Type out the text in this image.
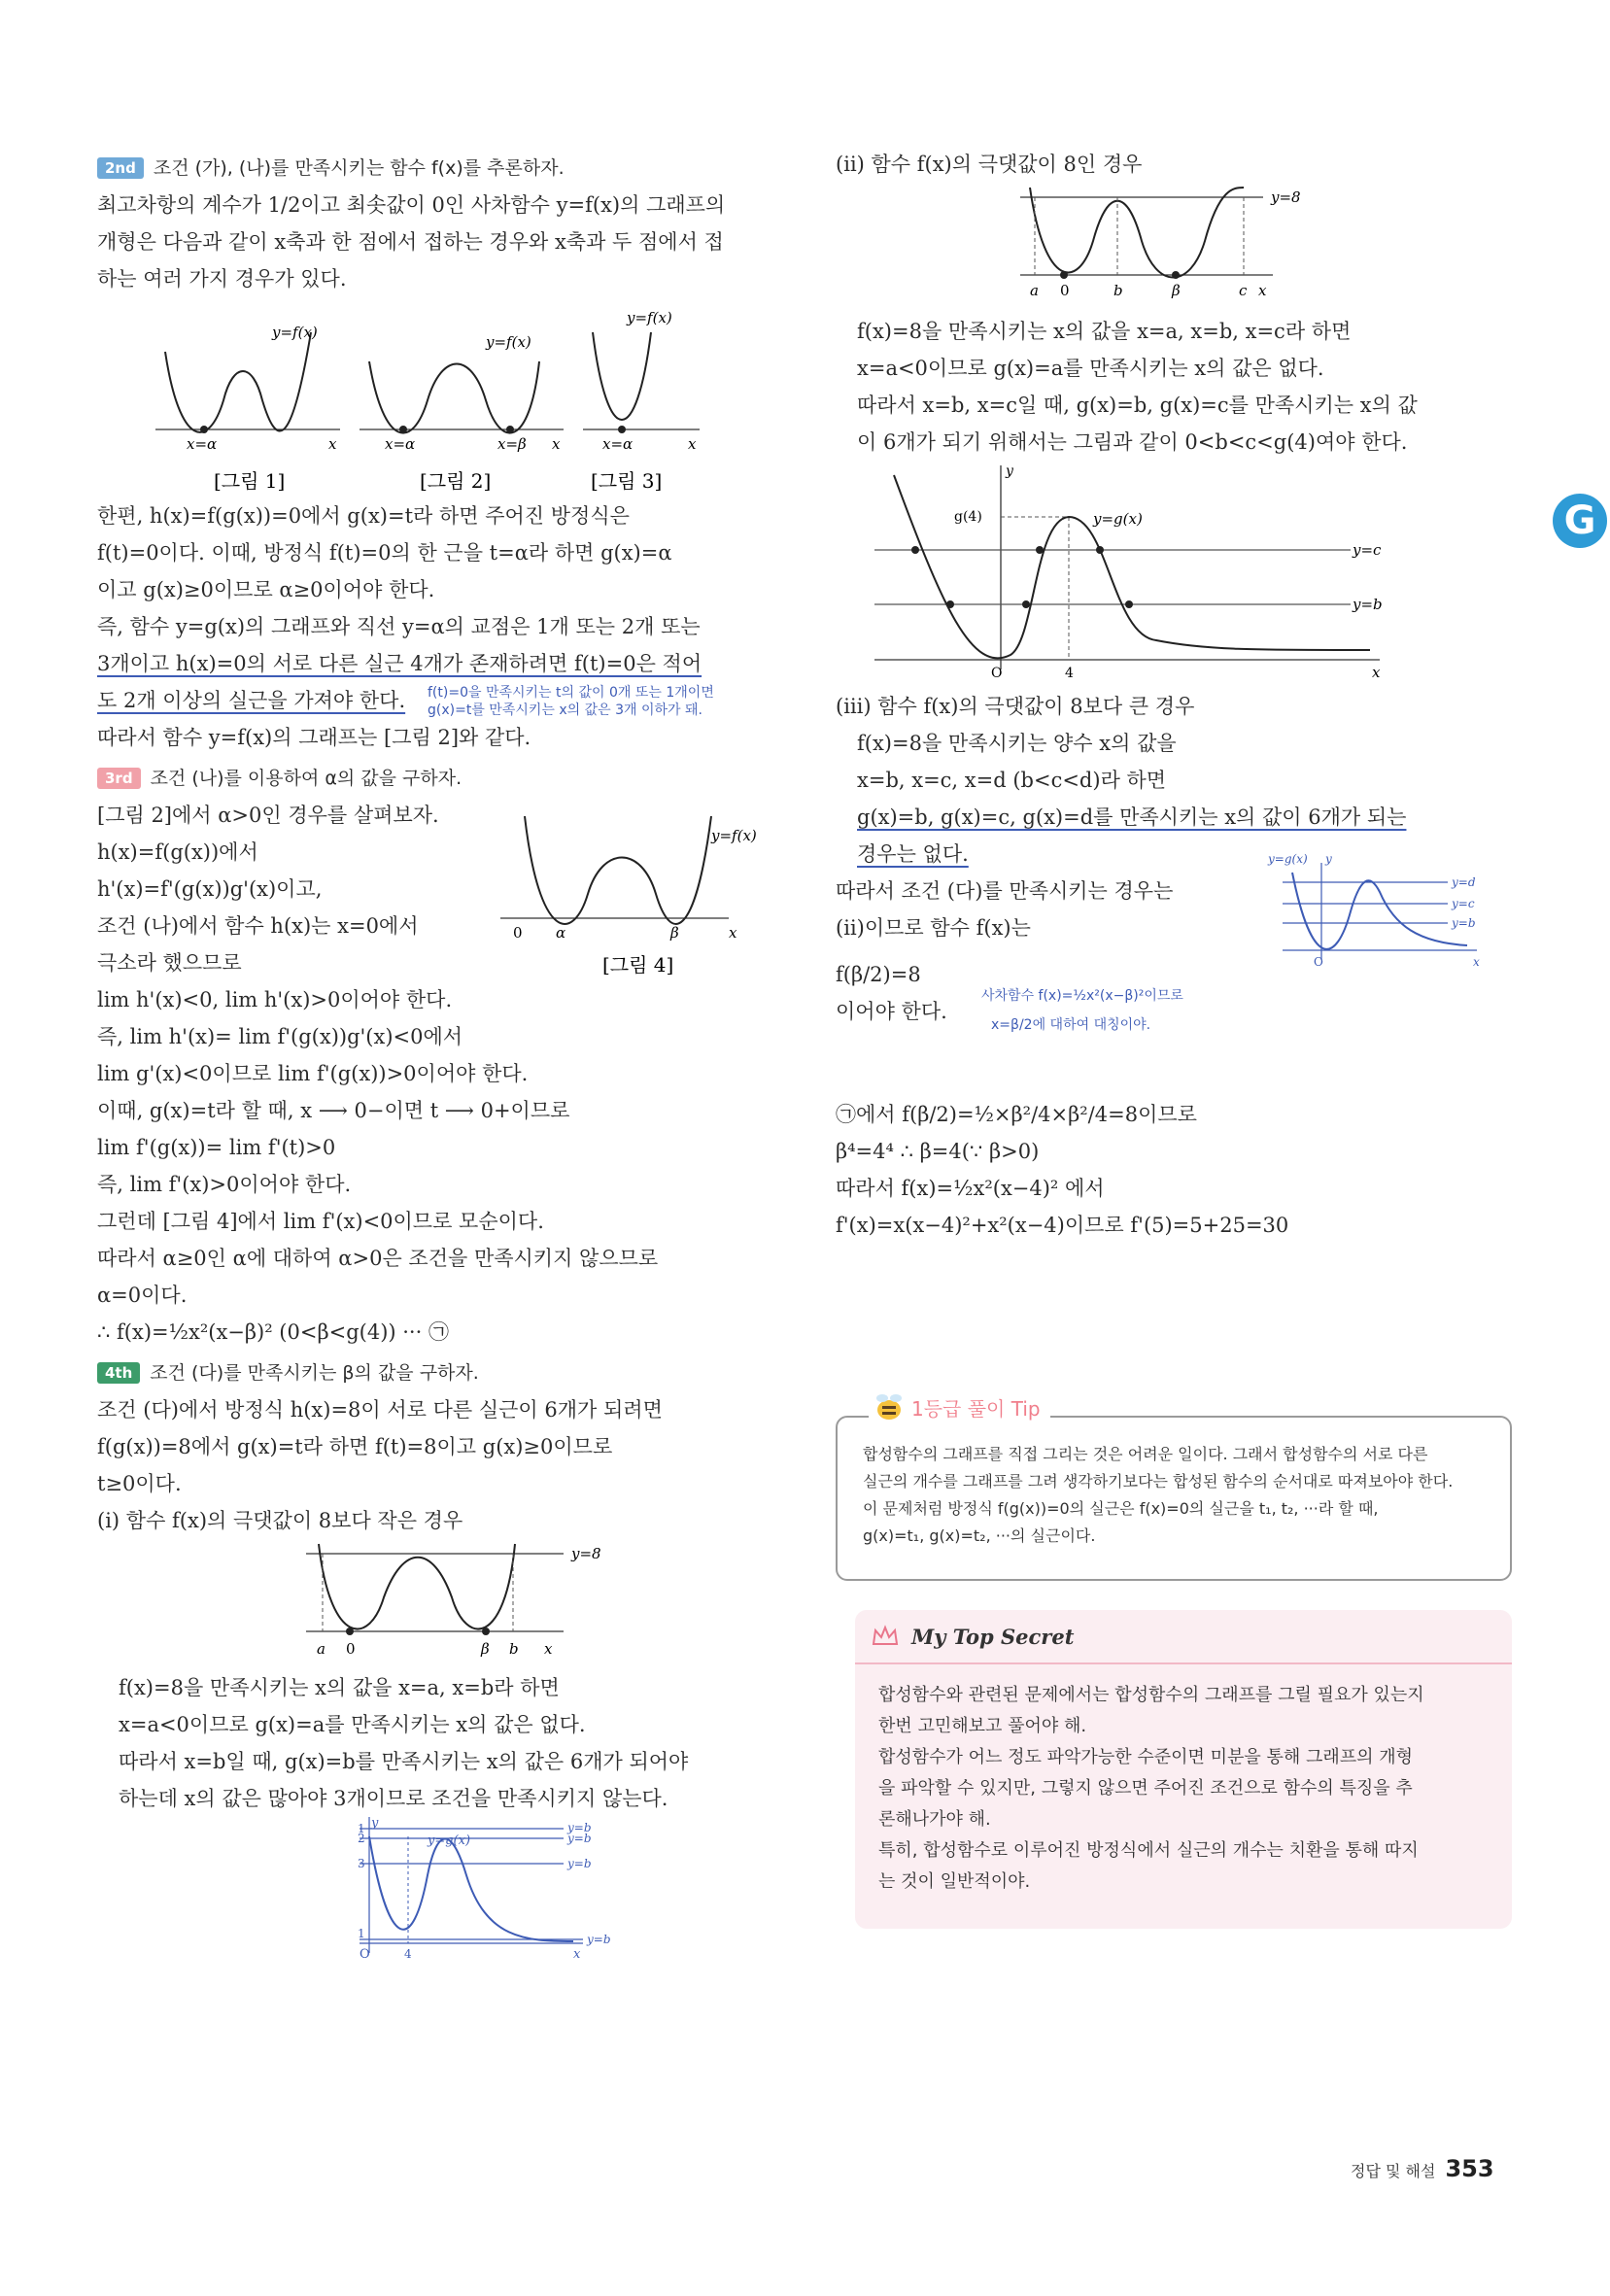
2nd 조건 (가), (나)를 만족시키는 함수 f(x)를 추론하자.
최고차항의 계수가 1/2이고 최솟값이 0인 사차함수 y=f(x)의 그래프의
개형은 다음과 같이 x축과 한 점에서 접하는 경우와 x축과 두 점에서 접
하는 여러 가지 경우가 있다.
y=f(x)
x
x=α
[그림 1]
y=f(x)
x
x=α	x=β
[그림 2]
y=f(x)
x
x=α
[그림 3]
한편, h(x)=f(g(x))=0에서 g(x)=t라 하면 주어진 방정식은
f(t)=0이다. 이때, 방정식 f(t)=0의 한 근을 t=α라 하면 g(x)=α
이고 g(x)≥0이므로 α≥0이어야 한다.
즉, 함수 y=g(x)의 그래프와 직선 y=α의 교점은 1개 또는 2개 또는
3개이고 h(x)=0의 서로 다른 실근 4개가 존재하려면 f(t)=0은 적어
도 2개 이상의 실근을 가져야 한다. f(t)=0을 만족시키는 t의 값이 0개 또는 1개이면
g(x)=t를 만족시키는 x의 값은 3개 이하가 돼.
따라서 함수 y=f(x)의 그래프는 [그림 2]와 같다.
3rd 조건 (나)를 이용하여 α의 값을 구하자.
[그림 2]에서 α>0인 경우를 살펴보자.
h(x)=f(g(x))에서
h'(x)=f'(g(x))g'(x)이고,
조건 (나)에서 함수 h(x)는 x=0에서
극소라 했으므로
y=f(x)
0 α	β	x
[그림 4]
lim h'(x)<0, lim h'(x)>0이어야 한다.
즉, lim h'(x)= lim f'(g(x))g'(x)<0에서
lim g'(x)<0이므로 lim f'(g(x))>0이어야 한다.
이때, g(x)=t라 할 때, x ⟶ 0−이면 t ⟶ 0+이므로
lim f'(g(x))= lim f'(t)>0
즉, lim f'(x)>0이어야 한다.
그런데 [그림 4]에서 lim f'(x)<0이므로 모순이다.
따라서 α≥0인 α에 대하여 α>0은 조건을 만족시키지 않으므로
α=0이다.
∴ f(x)=½x²(x−β)² (0<β<g(4)) ··· ㉠
4th 조건 (다)를 만족시키는 β의 값을 구하자.
조건 (다)에서 방정식 h(x)=8이 서로 다른 실근이 6개가 되려면
f(g(x))=8에서 g(x)=t라 하면 f(t)=8이고 g(x)≥0이므로
t≥0이다.
(ⅰ) 함수 f(x)의 극댓값이 8보다 작은 경우
y=8
a 0	β b x
f(x)=8을 만족시키는 x의 값을 x=a, x=b라 하면
x=a<0이므로 g(x)=a를 만족시키는 x의 값은 없다.
따라서 x=b일 때, g(x)=b를 만족시키는 x의 값은 6개가 되어야
하는데 x의 값은 많아야 3개이므로 조건을 만족시키지 않는다.
y
y=g(x)
1
2
3
1
y=b
y=b
y=b
y=b
O	4	x
(ⅱ) 함수 f(x)의 극댓값이 8인 경우
y=8
a 0	b	β	c x
f(x)=8을 만족시키는 x의 값을 x=a, x=b, x=c라 하면
x=a<0이므로 g(x)=a를 만족시키는 x의 값은 없다.
따라서 x=b, x=c일 때, g(x)=b, g(x)=c를 만족시키는 x의 값
이 6개가 되기 위해서는 그림과 같이 0<b<c<g(4)여야 한다.
y
g(4)	y=g(x)
y=c
y=b
O	4	x
(ⅲ) 함수 f(x)의 극댓값이 8보다 큰 경우
f(x)=8을 만족시키는 양수 x의 값을
x=b, x=c, x=d (b<c<d)라 하면
g(x)=b, g(x)=c, g(x)=d를 만족시키는 x의 값이 6개가 되는
경우는 없다.
따라서 조건 (다)를 만족시키는 경우는
(ⅱ)이므로 함수 f(x)는
f(β/2)=8
이어야 한다.
사차함수 f(x)=½x²(x−β)²이므로
x=β/2에 대하여 대칭이야.
y=g(x) y
y=d
y=c
y=b
O	x
㉠에서 f(β/2)=½×β²/4×β²/4=8이므로
β⁴=4⁴ ∴ β=4(∵ β>0)
따라서 f(x)=½x²(x−4)² 에서
f'(x)=x(x−4)²+x²(x−4)이므로 f'(5)=5+25=30
G
1등급 풀이 Tip
합성함수의 그래프를 직접 그리는 것은 어려운 일이다. 그래서 합성함수의 서로 다른
실근의 개수를 그래프를 그려 생각하기보다는 합성된 함수의 순서대로 따져보아야 한다.
이 문제처럼 방정식 f(g(x))=0의 실근은 f(x)=0의 실근을 t₁, t₂, ···라 할 때,
g(x)=t₁, g(x)=t₂, ···의 실근이다.
My Top Secret
합성함수와 관련된 문제에서는 합성함수의 그래프를 그릴 필요가 있는지
한번 고민해보고 풀어야 해.
합성함수가 어느 정도 파악가능한 수준이면 미분을 통해 그래프의 개형
을 파악할 수 있지만, 그렇지 않으면 주어진 조건으로 함수의 특징을 추
론해나가야 해.
특히, 합성함수로 이루어진 방정식에서 실근의 개수는 치환을 통해 따지
는 것이 일반적이야.
정답 및 해설 353
